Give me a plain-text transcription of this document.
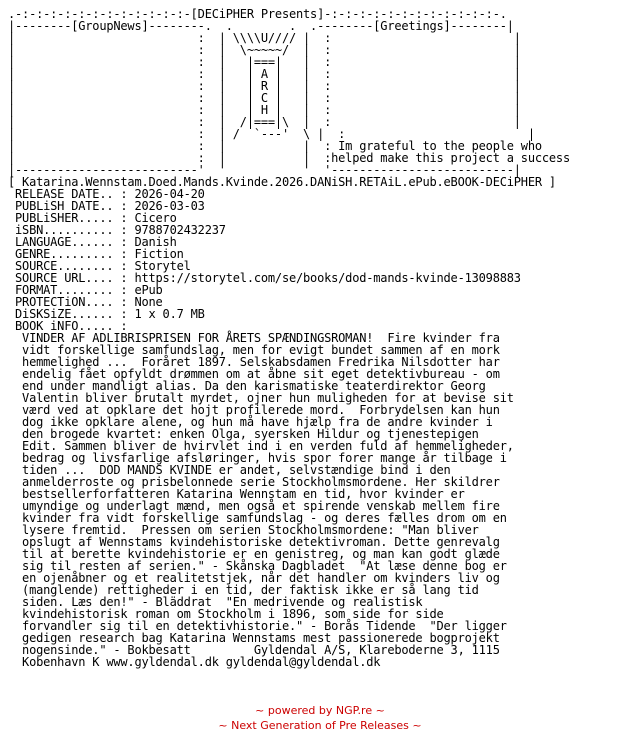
.-:-:-:-:-:-:-:-:-:-:-:-:-[DECiPHER Presents]-:-:-:-:-:-:-:-:-:-:-:-:-.
|--------[GroupNews]--------.  .        .  .--------[Greetings]--------|
|                          :  | \\\\U//// |  :                          |
|                          :  |  \~~~~~/  |  :                          |
|                          :  |   |===|   |  :                          |
|                          :  |   | A |   |  :                          |
|                          :  |   | R |   |  :                          |
|                          :  |   | C |   |  :                          |
|                          :  |   | H |   |  :                          |
|                          :  |  /|===|\  |  :                          |
|                          :  | /  `---'  \ |  :                          |
|                          :  |           |  : Im grateful to the people who
|                          :  |           |  :helped make this project a success
|--------------------------'  '           '  '--------------------------|
[ Katarina.Wennstam.Doed.Mands.Kvinde.2026.DANiSH.RETAiL.ePub.eBOOK-DECiPHER ]
RELEASE DATE.. : 2026-04-20
PUBLiSH DATE.. : 2026-03-03
PUBLiSHER..... : Cicero
iSBN.......... : 9788702432237
LANGUAGE...... : Danish
GENRE......... : Fiction
SOURCE........ : Storytel
SOURCE URL.... : https://storytel.com/se/books/dod-mands-kvinde-13098883
FORMAT........ : ePub
PROTECTiON.... : None
DiSKSiZE...... : 1 x 0.7 MB
BOOK iNFO..... :
VINDER AF ADLIBRISPRISEN FOR ÅRETS SPÆNDINGSROMAN!  Fire kvinder fra
vidt forskellige samfundslag, men for evigt bundet sammen af en mork
hemmelighed ...  Foråret 1897. Selskabsdamen Fredrika Nilsdotter har
endelig fået opfyldt drømmen om at åbne sit eget detektivbureau - om
end under mandligt alias. Da den karismatiske teaterdirektor Georg
Valentin bliver brutalt myrdet, ojner hun muligheden for at bevise sit
værd ved at opklare det hojt profilerede mord.  Forbrydelsen kan hun
dog ikke opklare alene, og hun må have hjælp fra de andre kvinder i
den brogede kvartet: enken Olga, syersken Hildur og tjenestepigen
Edit. Sammen bliver de hvirvlet ind i en verden fuld af hemmeligheder,
bedrag og livsfarlige afsløringer, hvis spor forer mange år tilbage i
tiden ...  DOD MANDS KVINDE er andet, selvstændige bind i den
anmelderroste og prisbelonnede serie Stockholmsmordene. Her skildrer
bestsellerforfatteren Katarina Wennstam en tid, hvor kvinder er
umyndige og underlagt mænd, men også et spirende venskab mellem fire
kvinder fra vidt forskellige samfundslag - og deres fælles drom om en
lysere fremtid.  Pressen om serien Stockholmsmordene: "Man bliver
opslugt af Wennstams kvindehistoriske detektivroman. Dette genrevalg
til at berette kvindehistorie er en genistreg, og man kan godt glæde
sig til resten af serien." - Skånska Dagbladet  "At læse denne bog er
en ojenåbner og et realitetstjek, når det handler om kvinders liv og
(manglende) rettigheder i en tid, der faktisk ikke er så lang tid
siden. Læs den!" - Bläddrat  "En medrivende og realistisk
kvindehistorisk roman om Stockholm i 1896, som side for side
forvandler sig til en detektivhistorie." - Borås Tidende  "Der ligger
gedigen research bag Katarina Wennstams mest passionerede bogprojekt
nogensinde." - Bokbesatt         Gyldendal A/S, Klareboderne 3, 1115
Kobenhavn K www.gyldendal.dk gyldendal@gyldendal.dk
~ powered by NGP.re ~
~ Next Generation of Pre Releases ~
